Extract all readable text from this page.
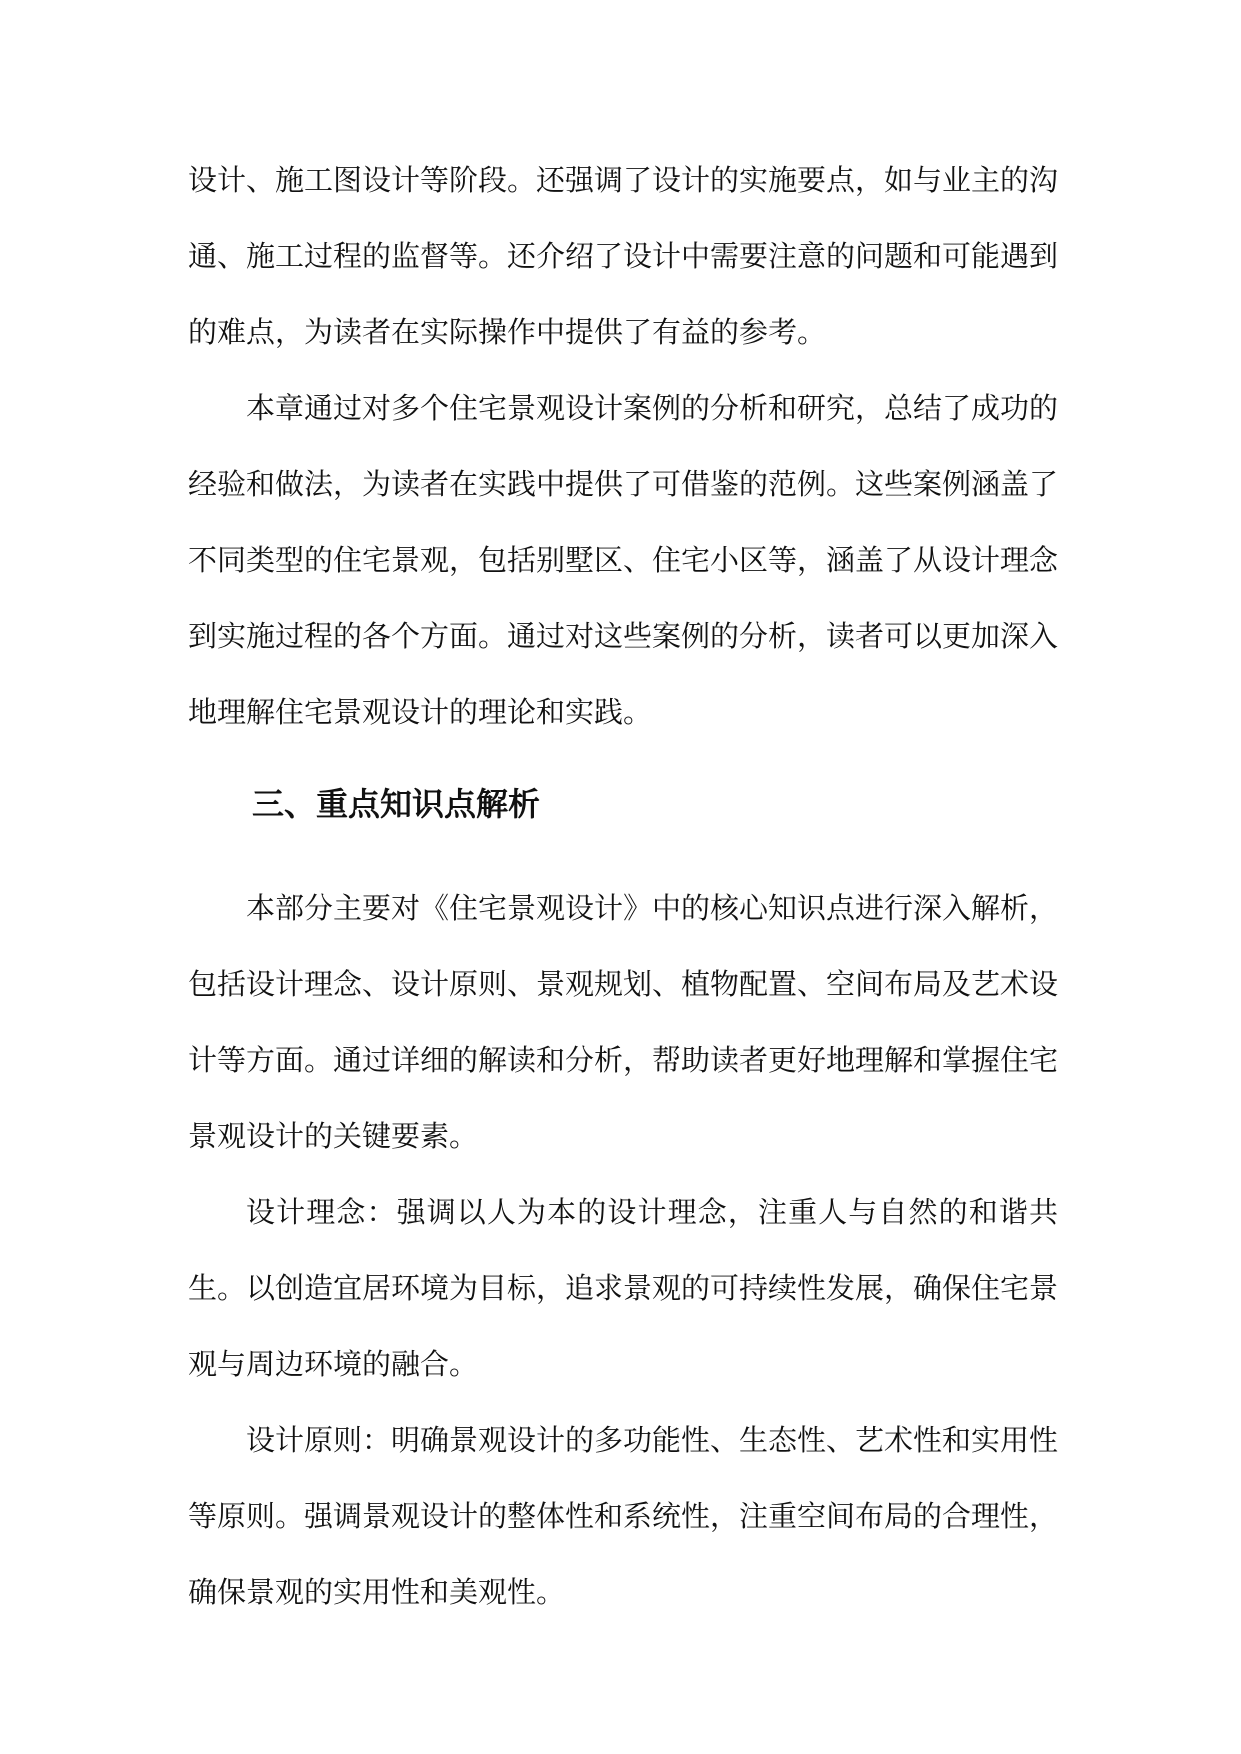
设计、施工图设计等阶段。还强调了设计的实施要点，如与业主的沟通、施工过程的监督等。还介绍了设计中需要注意的问题和可能遇到的难点，为读者在实际操作中提供了有益的参考。

本章通过对多个住宅景观设计案例的分析和研究，总结了成功的经验和做法，为读者在实践中提供了可借鉴的范例。这些案例涵盖了不同类型的住宅景观，包括别墅区、住宅小区等，涵盖了从设计理念到实施过程的各个方面。通过对这些案例的分析，读者可以更加深入地理解住宅景观设计的理论和实践。

三、重点知识点解析

本部分主要对《住宅景观设计》中的核心知识点进行深入解析，包括设计理念、设计原则、景观规划、植物配置、空间布局及艺术设计等方面。通过详细的解读和分析，帮助读者更好地理解和掌握住宅景观设计的关键要素。

设计理念：强调以人为本的设计理念，注重人与自然的和谐共生。以创造宜居环境为目标，追求景观的可持续性发展，确保住宅景观与周边环境的融合。

设计原则：明确景观设计的多功能性、生态性、艺术性和实用性等原则。强调景观设计的整体性和系统性，注重空间布局的合理性，确保景观的实用性和美观性。
